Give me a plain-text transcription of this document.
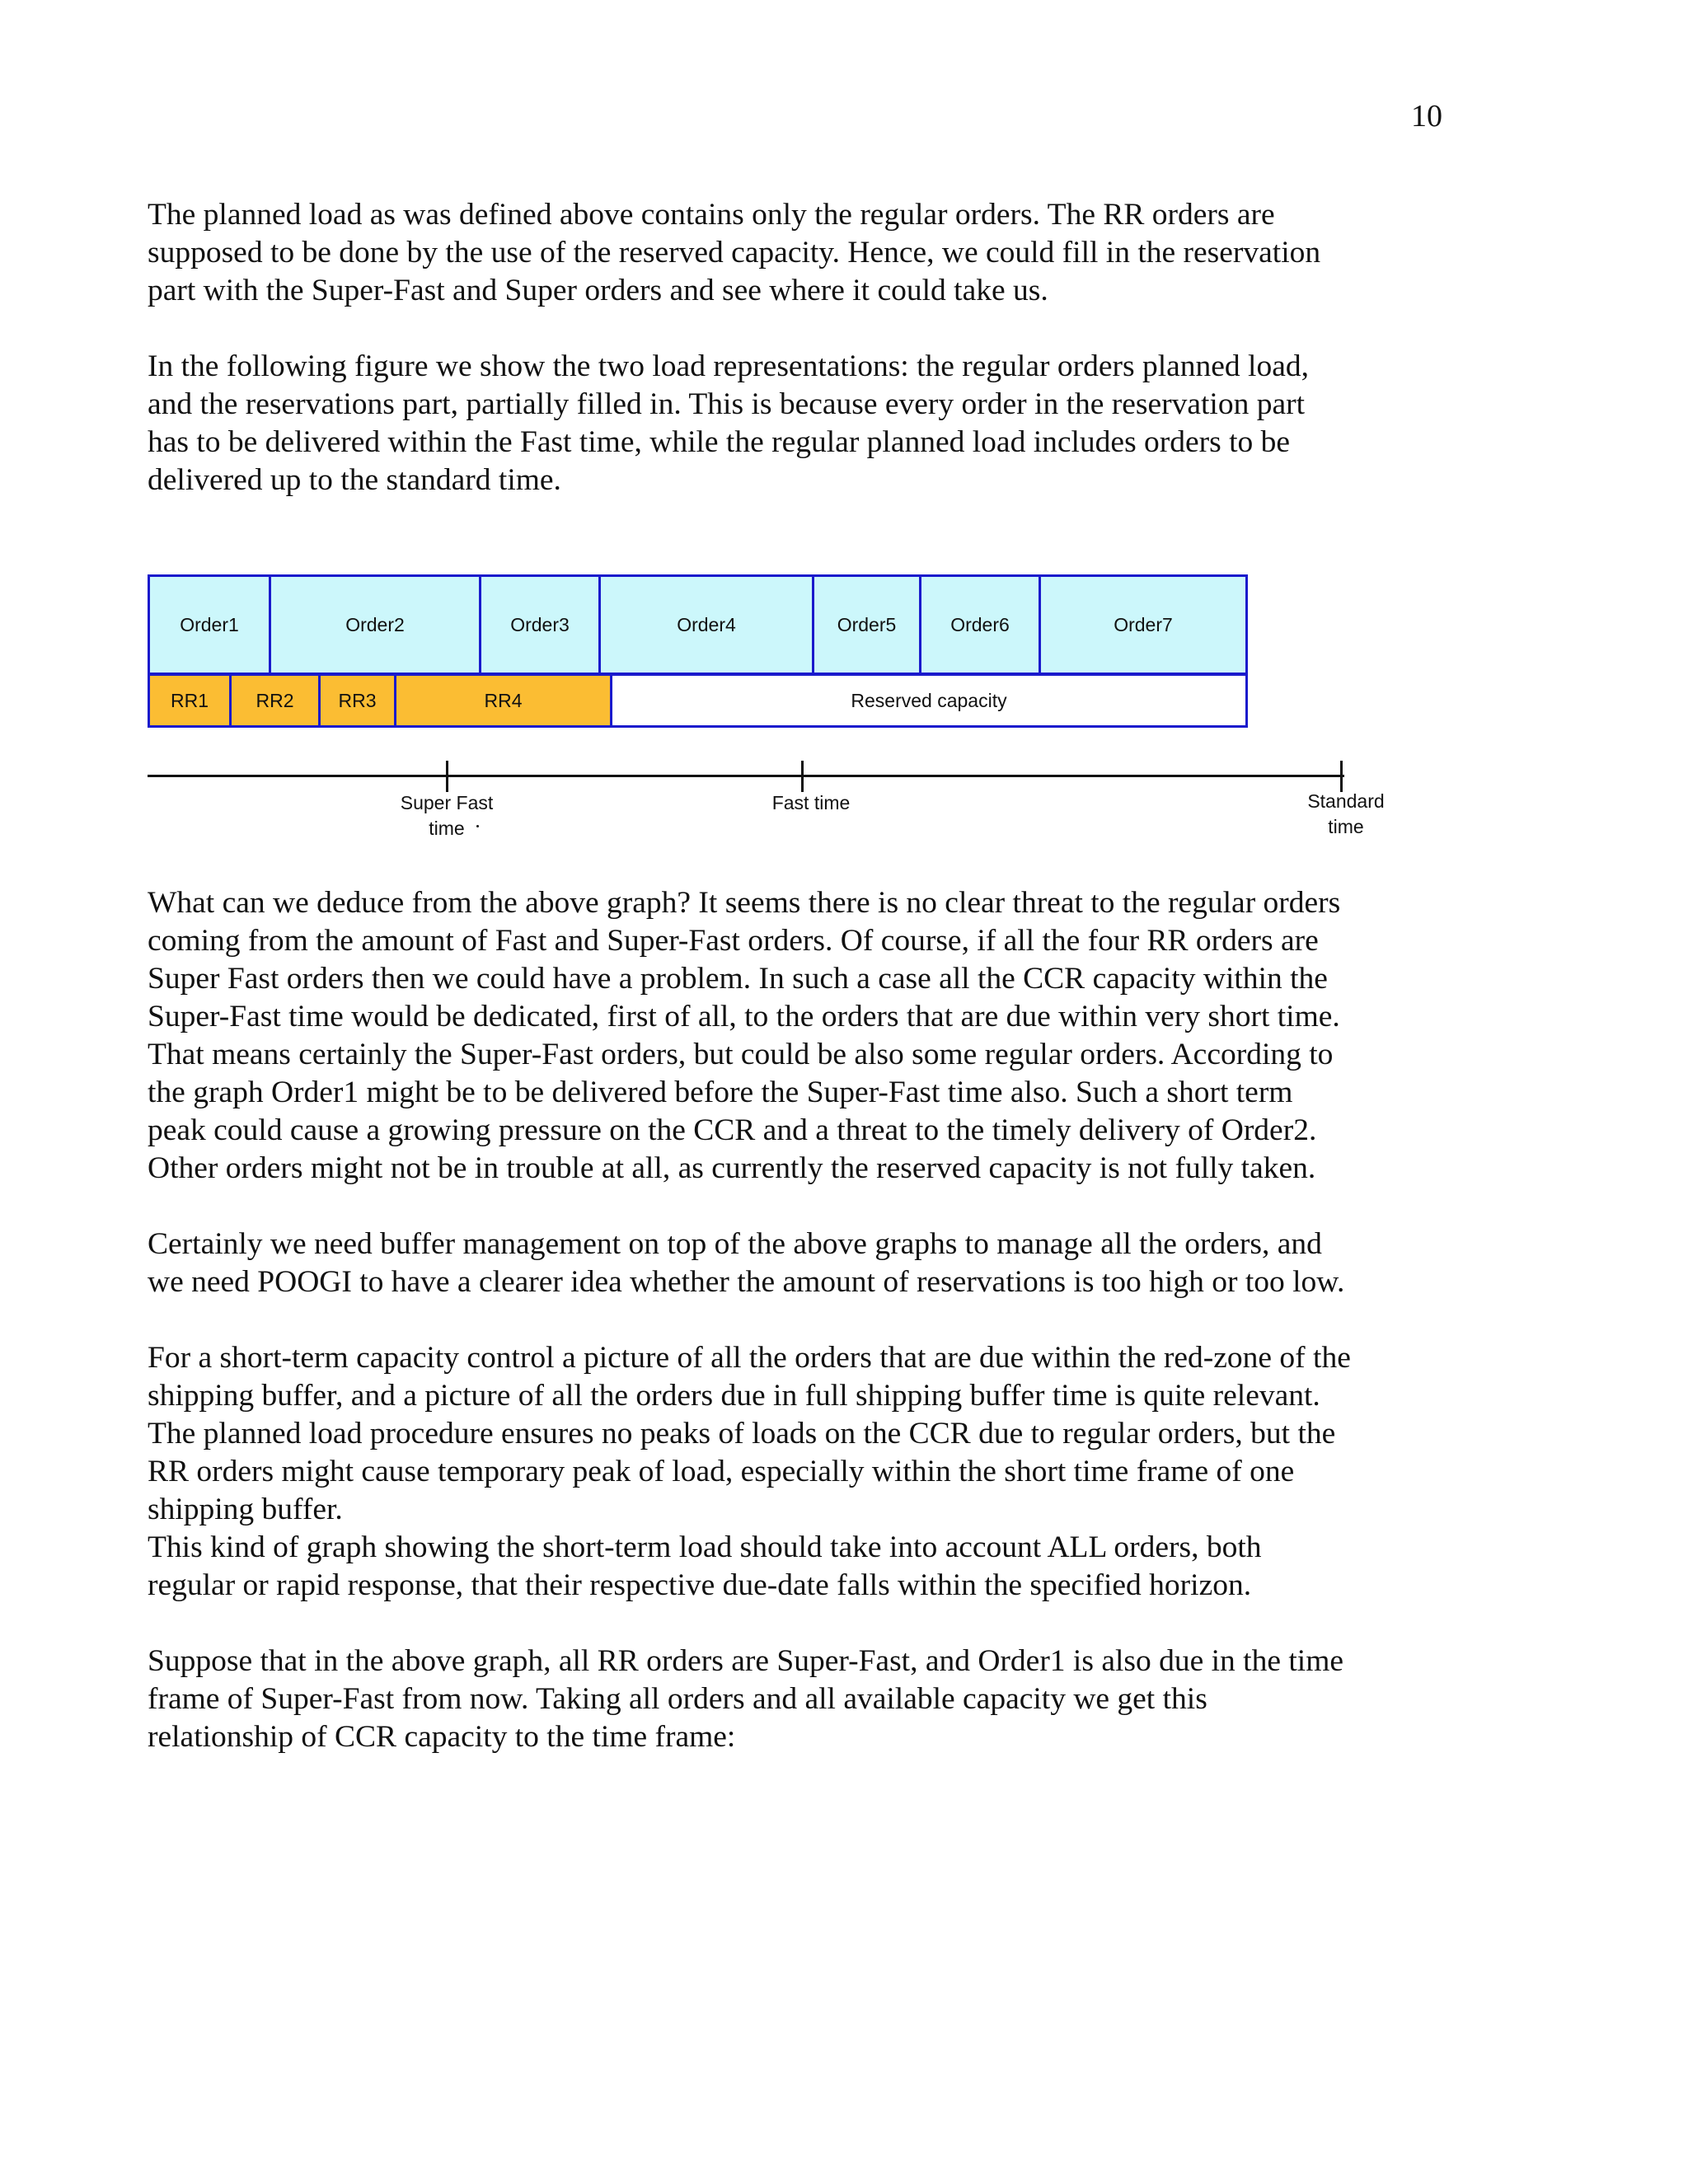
10
The planned load as was defined above contains only the regular orders. The RR orders are
supposed to be done by the use of the reserved capacity. Hence, we could fill in the reservation
part with the Super-Fast and Super orders and see where it could take us.
In the following figure we show the two load representations: the regular orders planned load,
and the reservations part, partially filled in. This is because every order in the reservation part
has to be delivered within the Fast time, while the regular planned load includes orders to be
delivered up to the standard time.
Order1	Order2	Order3	Order4	Order5	Order6	Order7
RR1	RR2	RR3	RR4	Reserved capacity
Super Fast
time
Fast time	Standard
time
What can we deduce from the above graph? It seems there is no clear threat to the regular orders
coming from the amount of Fast and Super-Fast orders. Of course, if all the four RR orders are
Super Fast orders then we could have a problem. In such a case all the CCR capacity within the
Super-Fast time would be dedicated, first of all, to the orders that are due within very short time.
That means certainly the Super-Fast orders, but could be also some regular orders. According to
the graph Order1 might be to be delivered before the Super-Fast time also. Such a short term
peak could cause a growing pressure on the CCR and a threat to the timely delivery of Order2.
Other orders might not be in trouble at all, as currently the reserved capacity is not fully taken.
Certainly we need buffer management on top of the above graphs to manage all the orders, and
we need POOGI to have a clearer idea whether the amount of reservations is too high or too low.
For a short-term capacity control a picture of all the orders that are due within the red-zone of the
shipping buffer, and a picture of all the orders due in full shipping buffer time is quite relevant.
The planned load procedure ensures no peaks of loads on the CCR due to regular orders, but the
RR orders might cause temporary peak of load, especially within the short time frame of one
shipping buffer.
This kind of graph showing the short-term load should take into account ALL orders, both
regular or rapid response, that their respective due-date falls within the specified horizon.
Suppose that in the above graph, all RR orders are Super-Fast, and Order1 is also due in the time
frame of Super-Fast from now. Taking all orders and all available capacity we get this
relationship of CCR capacity to the time frame:
